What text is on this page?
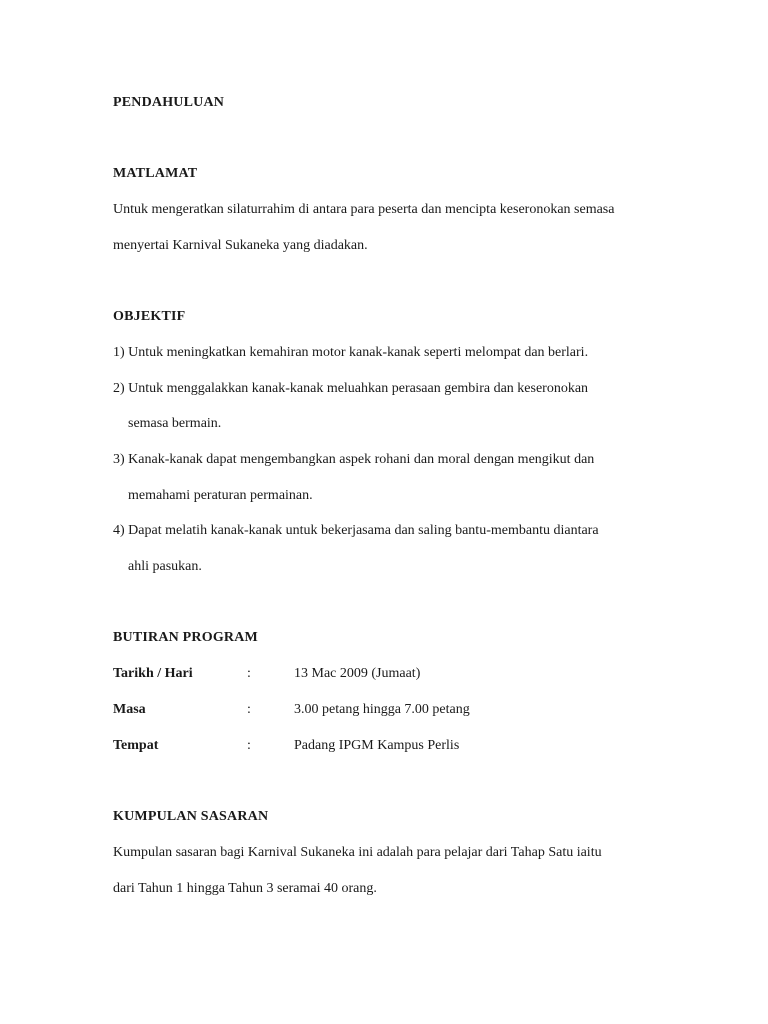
PENDAHULUAN
MATLAMAT
Untuk mengeratkan silaturrahim di antara para peserta dan mencipta keseronokan semasa
menyertai Karnival Sukaneka yang diadakan.
OBJEKTIF
1) Untuk meningkatkan kemahiran motor kanak-kanak seperti melompat dan berlari.
2) Untuk menggalakkan kanak-kanak meluahkan perasaan gembira dan keseronokan
semasa bermain.
3) Kanak-kanak dapat mengembangkan aspek rohani dan moral dengan mengikut dan
memahami peraturan permainan.
4) Dapat melatih kanak-kanak untuk bekerjasama dan saling bantu-membantu diantara
ahli pasukan.
BUTIRAN PROGRAM
Tarikh / Hari	:	13 Mac 2009 (Jumaat)
Masa	:	3.00 petang hingga 7.00 petang
Tempat	:	Padang IPGM Kampus Perlis
KUMPULAN SASARAN
Kumpulan sasaran bagi Karnival Sukaneka ini adalah para pelajar dari Tahap Satu iaitu
dari Tahun 1 hingga Tahun 3 seramai 40 orang.
